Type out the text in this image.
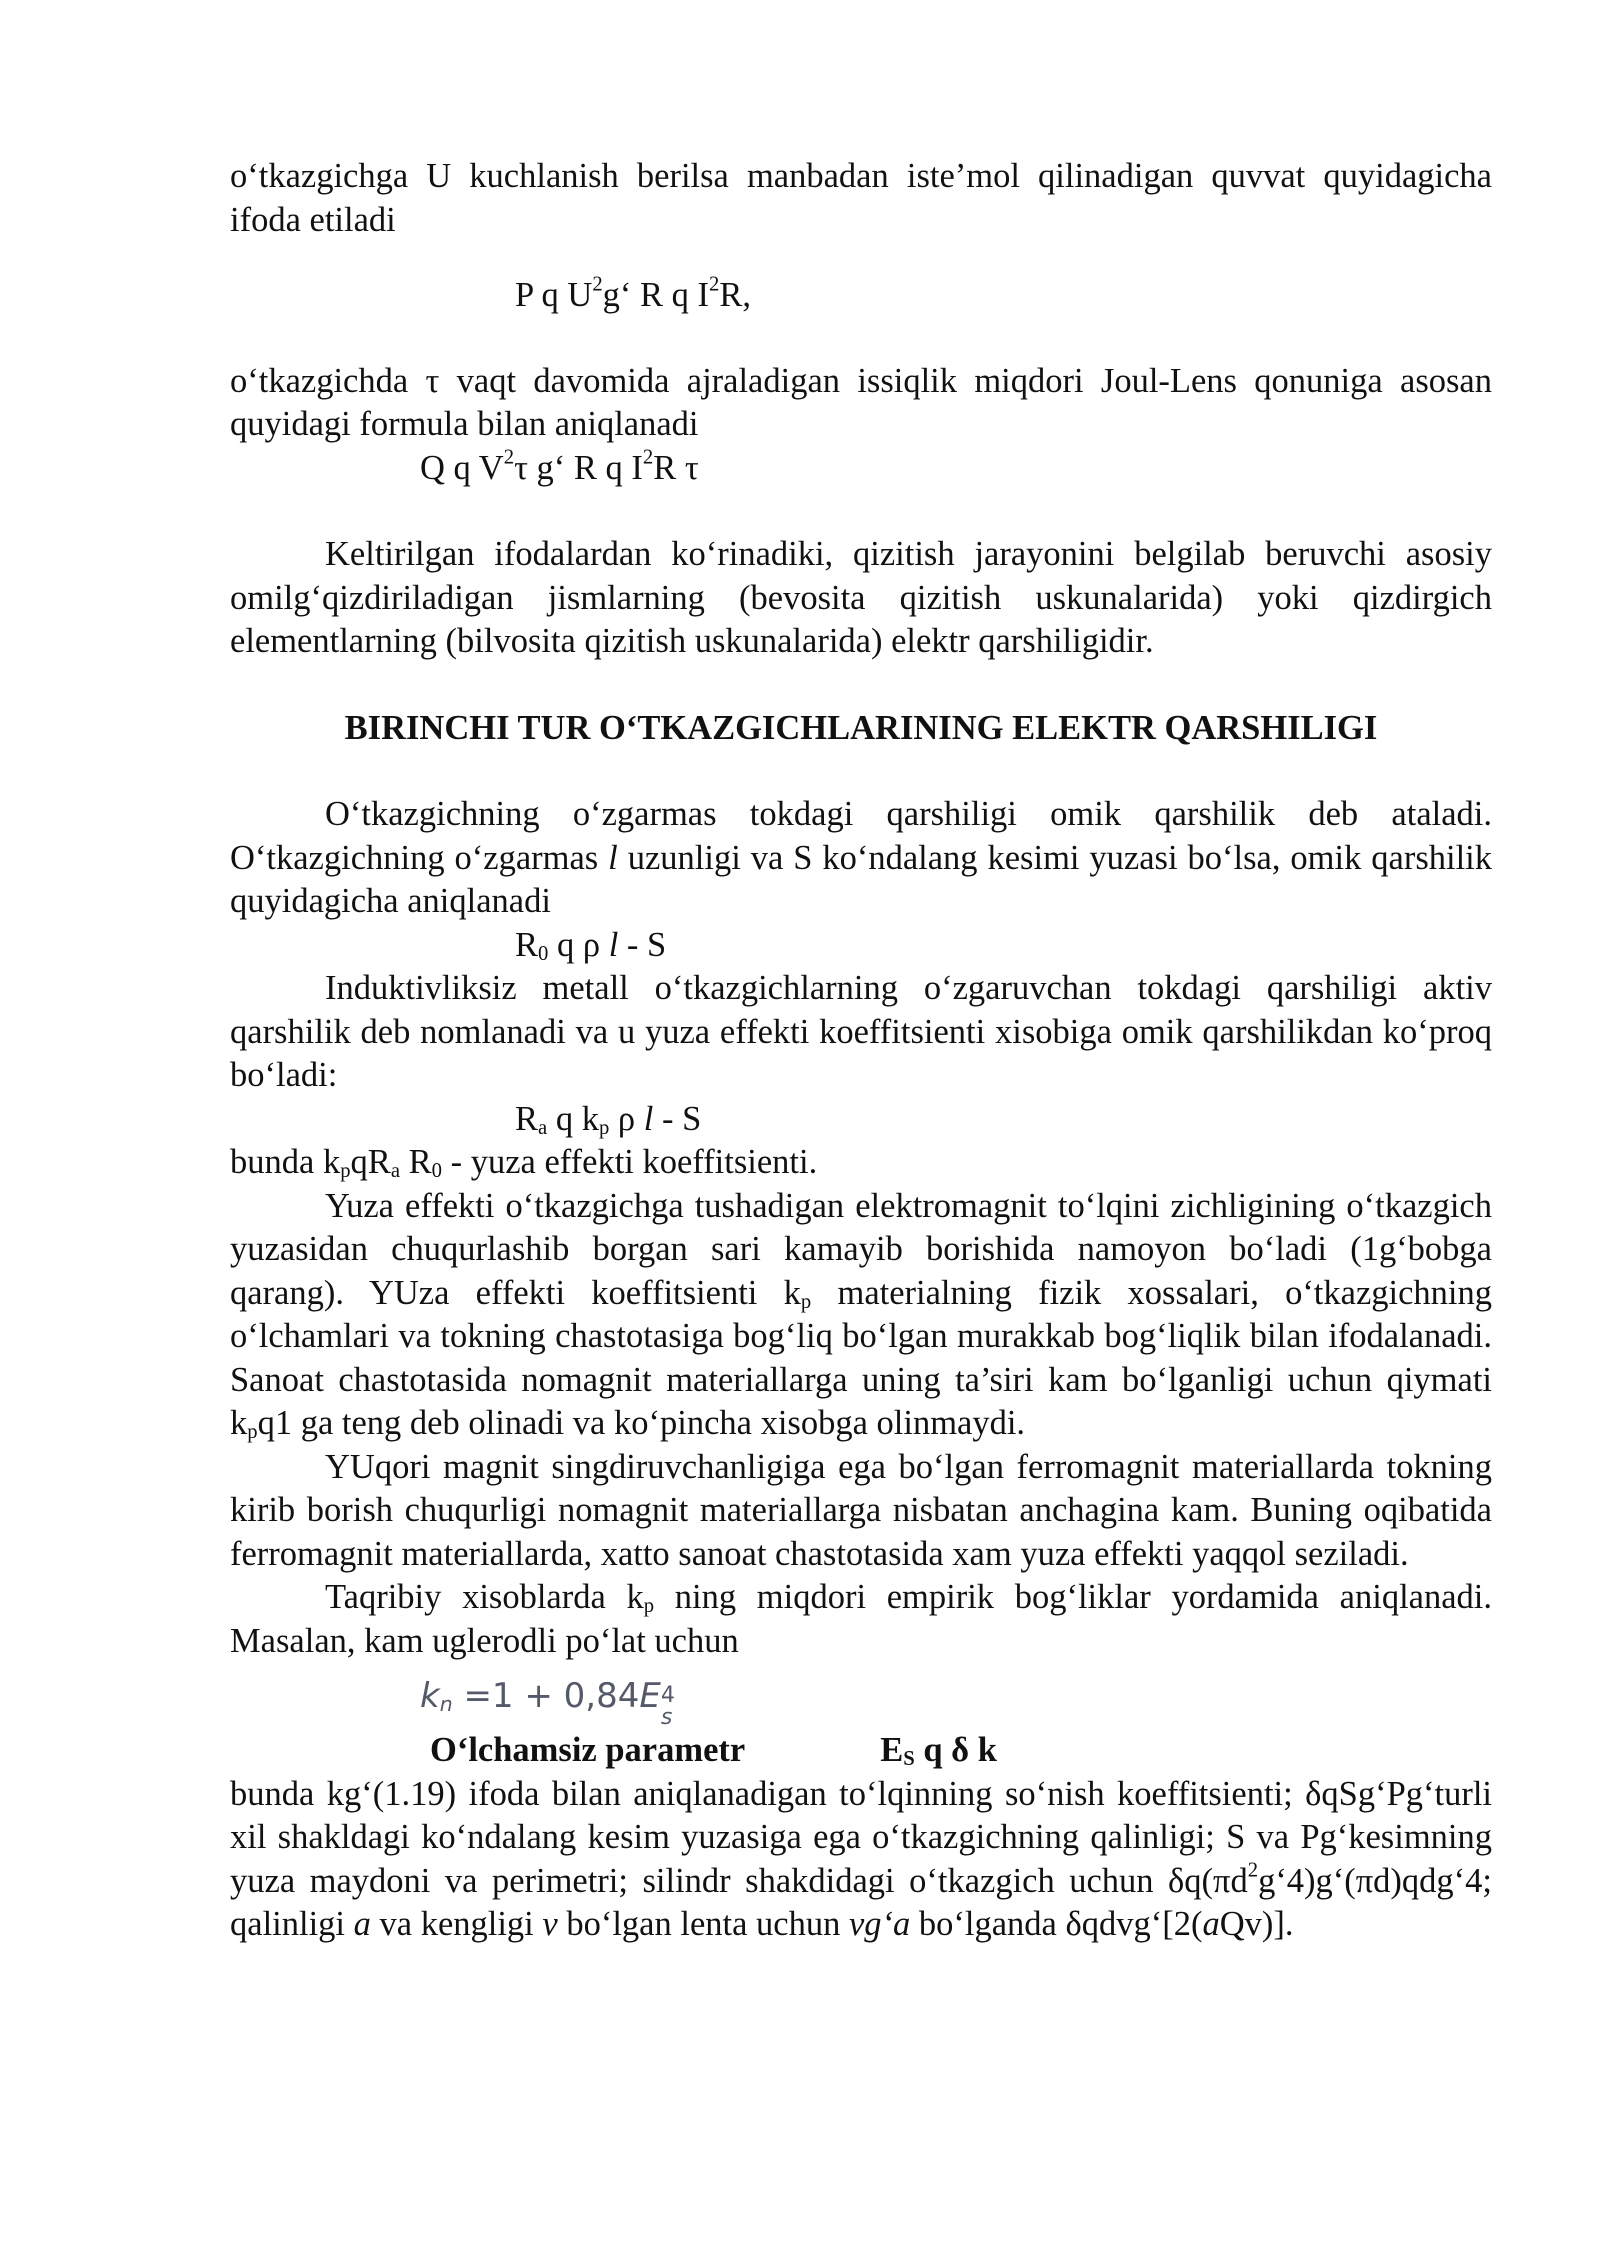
o‘tkazgichga U kuchlanish berilsa manbadan iste’mol qilinadigan quvvat quyidagicha ifoda etiladi

P q $U^2g‘$ R q $I^2R$,

o‘tkazgichda τ vaqt davomida ajraladigan issiqlik miqdori Joul-Lens qonuniga asosan quyidagi formula bilan aniqlanadi

Q q $V^2\tau$ g‘ R q $I^2R$ τ

Keltirilgan ifodalardan ko‘rinadiki, qizitish jarayonini belgilab beruvchi asosiy omilg‘qizdiriladigan jismlarning (bevosita qizitish uskunalarida) yoki qizdirgich elementlarning (bilvosita qizitish uskunalarida) elektr qarshiligidir.

BIRINCHI TUR O‘TKAZGICHLARINING ELEKTR QARSHILIGI

O‘tkazgichning o‘zgarmas tokdagi qarshiligi omik qarshilik deb ataladi. O‘tkazgichning o‘zgarmas l uzunligi va S ko‘ndalang kesimi yuzasi bo‘lsa, omik qarshilik quyidagicha aniqlanadi

$R_0$ q ρ l - S

Induktivliksiz metall o‘tkazgichlarning o‘zgaruvchan tokdagi qarshiligi aktiv qarshilik deb nomlanadi va u yuza effekti koeffitsienti xisobiga omik qarshilikdan ko‘proq bo‘ladi:

$R_a$ q $k_p$ ρ l - S

bunda $k_pqR_a$ $R_0$ - yuza effekti koeffitsienti.

Yuza effekti o‘tkazgichga tushadigan elektromagnit to‘lqini zichligining o‘tkazgich yuzasidan chuqurlashib borgan sari kamayib borishida namoyon bo‘ladi (1g‘bobga qarang). YUza effekti koeffitsienti $k_p$ materialning fizik xossalari, o‘tkazgichning o‘lchamlari va tokning chastotasiga bog‘liq bo‘lgan murakkab bog‘liqlik bilan ifodalanadi. Sanoat chastotasida nomagnit materiallarga uning ta’siri kam bo‘lganligi uchun qiymati $k_pq1$ ga teng deb olinadi va ko‘pincha xisobga olinmaydi.

YUqori magnit singdiruvchanligiga ega bo‘lgan ferromagnit materiallarda tokning kirib borish chuqurligi nomagnit materiallarga nisbatan anchagina kam. Buning oqibatida ferromagnit materiallarda, xatto sanoat chastotasida xam yuza effekti yaqqol seziladi.

Taqribiy xisoblarda $k_p$ ning miqdori empirik bog‘liklar yordamida aniqlanadi. Masalan, kam uglerodli po‘lat uchun

$k_n =1 + 0,84E$ 4
s

O‘lchamsiz parametr	$E_S$ q δ k

bunda kg‘(1.19) ifoda bilan aniqlanadigan to‘lqinning so‘nish koeffitsienti; δqSg‘Pg‘turli xil shakldagi ko‘ndalang kesim yuzasiga ega o‘tkazgichning qalinligi; S va Pg‘kesimning yuza maydoni va perimetri; silindr shakdidagi o‘tkazgich uchun $\delta q(\pi d^2g‘4)g‘(\pi d)qdg‘4$; qalinligi a va kengligi v bo‘lgan lenta uchun vg‘a bo‘lganda δqdvg‘[2(aQv)].
